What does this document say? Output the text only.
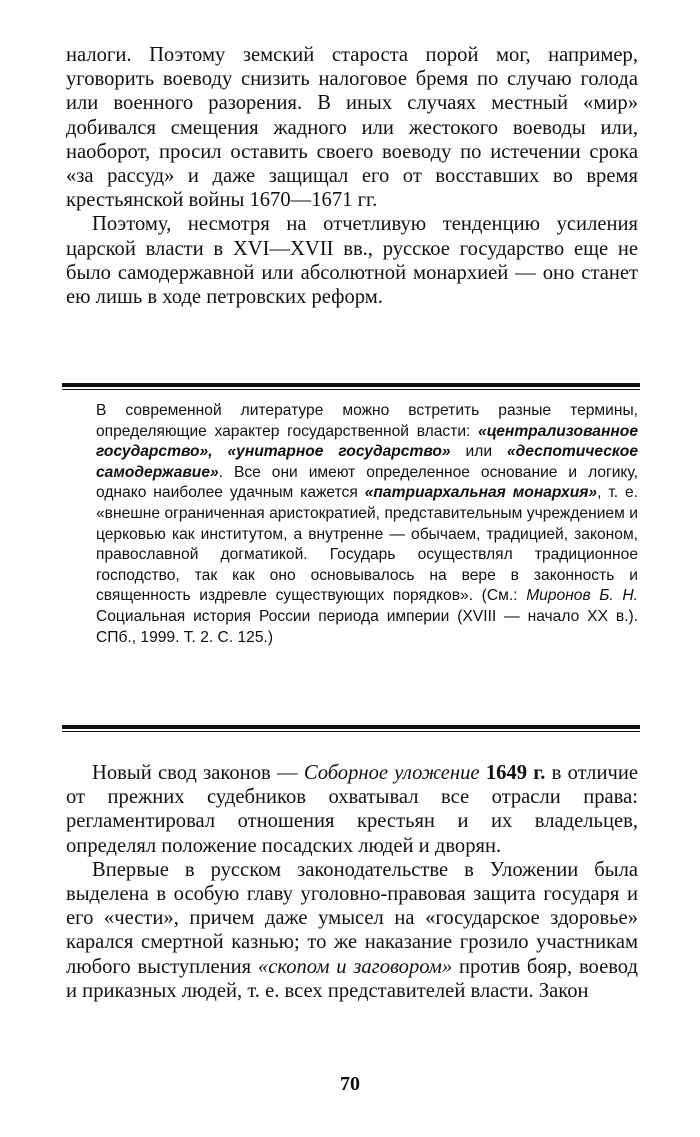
налоги. Поэтому земский староста порой мог, например, уговорить воеводу снизить налоговое бремя по случаю голода или военного разорения. В иных случаях местный «мир» добивался смещения жадного или жестокого воеводы или, наоборот, просил оставить своего воеводу по истечении срока «за рассуд» и даже защищал его от восставших во время крестьянской войны 1670—1671 гг.

Поэтому, несмотря на отчетливую тенденцию усиления царской власти в XVI—XVII вв., русское государство еще не было самодержавной или абсолютной монархией — оно станет ею лишь в ходе петровских реформ.

В современной литературе можно встретить разные термины, определяющие характер государственной власти: «централизованное государство», «унитарное государство» или «деспотическое самодержавие». Все они имеют определенное основание и логику, однако наиболее удачным кажется «патриархальная монархия», т. е. «внешне ограниченная аристократией, представительным учреждением и церковью как институтом, а внутренне — обычаем, традицией, законом, православной догматикой. Государь осуществлял традиционное господство, так как оно основывалось на вере в законность и священность издревле существующих порядков». (См.: Миронов Б. Н. Социальная история России периода империи (XVIII — начало XX в.). СПб., 1999. Т. 2. С. 125.)

Новый свод законов — Соборное уложение 1649 г. в отличие от прежних судебников охватывал все отрасли права: регламентировал отношения крестьян и их владельцев, определял положение посадских людей и дворян.

Впервые в русском законодательстве в Уложении была выделена в особую главу уголовно-правовая защита государя и его «чести», причем даже умысел на «государское здоровье» карался смертной казнью; то же наказание грозило участникам любого выступления «скопом и заговором» против бояр, воевод и приказных людей, т. е. всех представителей власти. Закон

70
